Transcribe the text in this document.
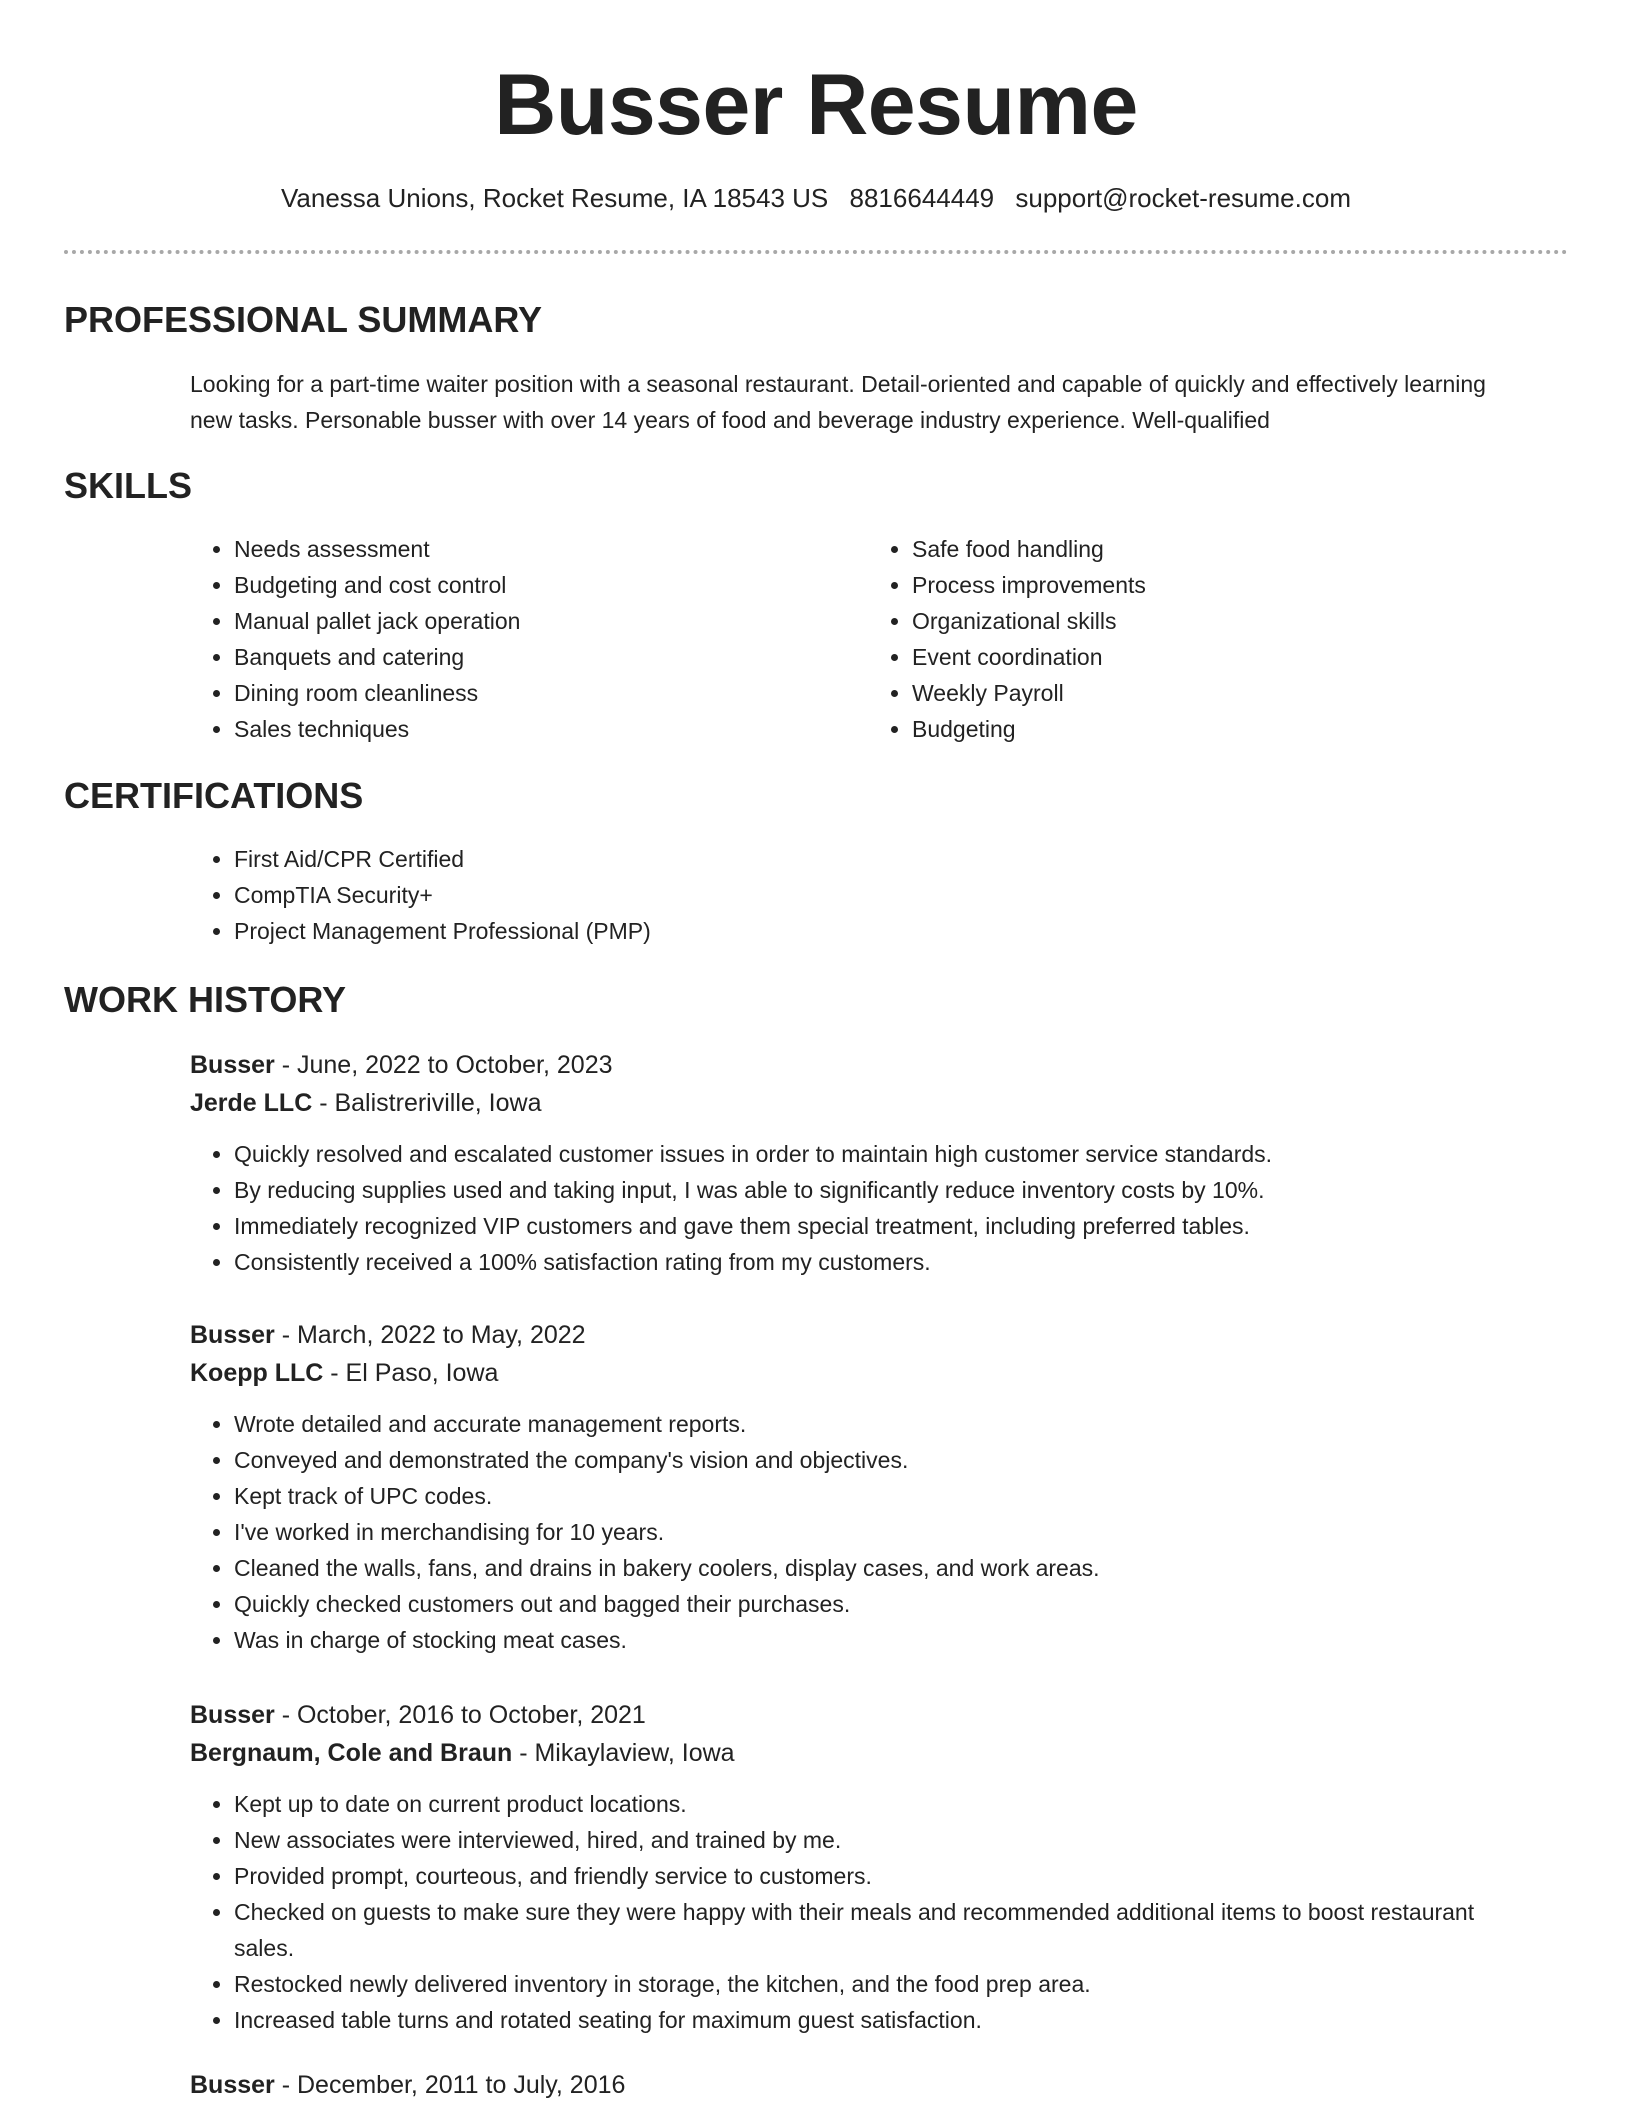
Busser Resume
Vanessa Unions, Rocket Resume, IA 18543 US 8816644449 support@rocket-resume.com
PROFESSIONAL SUMMARY
Looking for a part-time waiter position with a seasonal restaurant. Detail-oriented and capable of quickly and effectively learning new tasks. Personable busser with over 14 years of food and beverage industry experience. Well-qualified
SKILLS
• Needs assessment
• Budgeting and cost control
• Manual pallet jack operation
• Banquets and catering
• Dining room cleanliness
• Sales techniques
• Safe food handling
• Process improvements
• Organizational skills
• Event coordination
• Weekly Payroll
• Budgeting
CERTIFICATIONS
• First Aid/CPR Certified
• CompTIA Security+
• Project Management Professional (PMP)
WORK HISTORY
Busser - June, 2022 to October, 2023
Jerde LLC - Balistreriville, Iowa
• Quickly resolved and escalated customer issues in order to maintain high customer service standards.
• By reducing supplies used and taking input, I was able to significantly reduce inventory costs by 10%.
• Immediately recognized VIP customers and gave them special treatment, including preferred tables.
• Consistently received a 100% satisfaction rating from my customers.
Busser - March, 2022 to May, 2022
Koepp LLC - El Paso, Iowa
• Wrote detailed and accurate management reports.
• Conveyed and demonstrated the company's vision and objectives.
• Kept track of UPC codes.
• I've worked in merchandising for 10 years.
• Cleaned the walls, fans, and drains in bakery coolers, display cases, and work areas.
• Quickly checked customers out and bagged their purchases.
• Was in charge of stocking meat cases.
Busser - October, 2016 to October, 2021
Bergnaum, Cole and Braun - Mikaylaview, Iowa
• Kept up to date on current product locations.
• New associates were interviewed, hired, and trained by me.
• Provided prompt, courteous, and friendly service to customers.
• Checked on guests to make sure they were happy with their meals and recommended additional items to boost restaurant sales.
• Restocked newly delivered inventory in storage, the kitchen, and the food prep area.
• Increased table turns and rotated seating for maximum guest satisfaction.
Busser - December, 2011 to July, 2016
